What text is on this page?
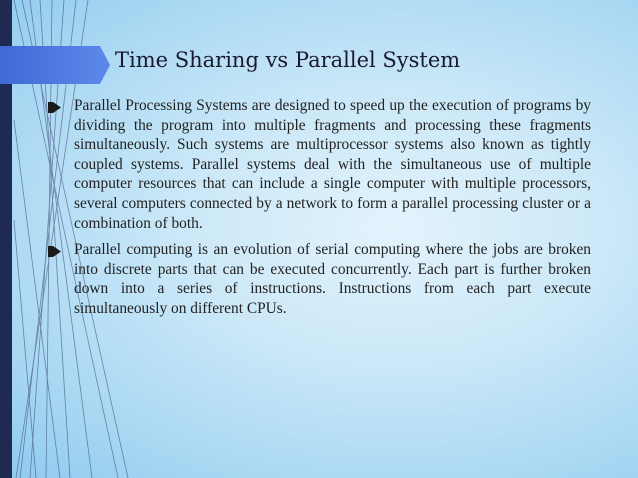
Time Sharing vs Parallel System

Parallel Processing Systems are designed to speed up the execution of programs by dividing the program into multiple fragments and processing these fragments simultaneously. Such systems are multiprocessor systems also known as tightly coupled systems. Parallel systems deal with the simultaneous use of multiple computer resources that can include a single computer with multiple processors, several computers connected by a network to form a parallel processing cluster or a combination of both.

Parallel computing is an evolution of serial computing where the jobs are broken into discrete parts that can be executed concurrently. Each part is further broken down into a series of instructions. Instructions from each part execute simultaneously on different CPUs.
